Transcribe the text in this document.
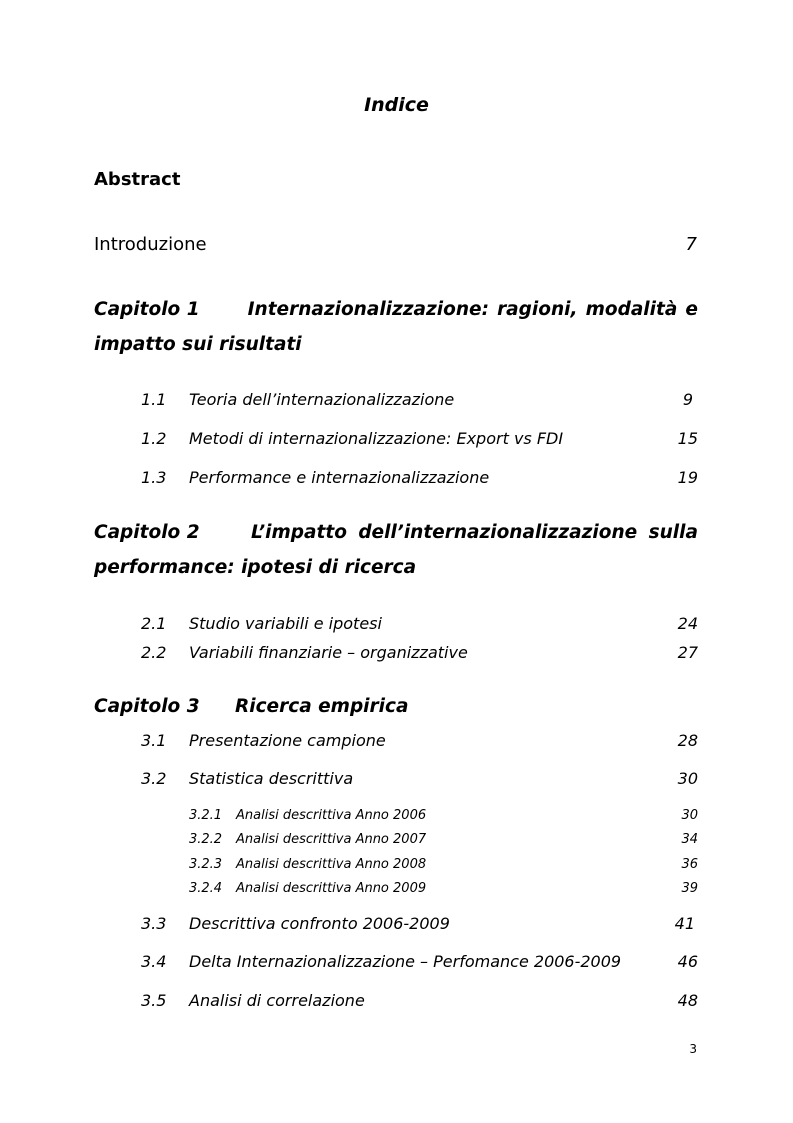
Indice
Abstract
Introduzione	7
Capitolo 1	Internazionalizzazione: ragioni, modalità e
impatto sui risultati
1.1	Teoria dell’internazionalizzazione	9
1.2	Metodi di internazionalizzazione: Export vs FDI	15
1.3	Performance e internazionalizzazione	19
Capitolo 2	L’impatto dell’internazionalizzazione sulla
performance: ipotesi di ricerca
2.1	Studio variabili e ipotesi	24
2.2	Variabili finanziarie – organizzative	27
Capitolo 3 Ricerca empirica
3.1	Presentazione campione	28
3.2	Statistica descrittiva	30
3.2.1	Analisi descrittiva Anno 2006	30
3.2.2	Analisi descrittiva Anno 2007	34
3.2.3	Analisi descrittiva Anno 2008	36
3.2.4	Analisi descrittiva Anno 2009	39
3.3	Descrittiva confronto 2006-2009	41
3.4	Delta Internazionalizzazione – Perfomance 2006-2009	46
3.5	Analisi di correlazione	48
3
